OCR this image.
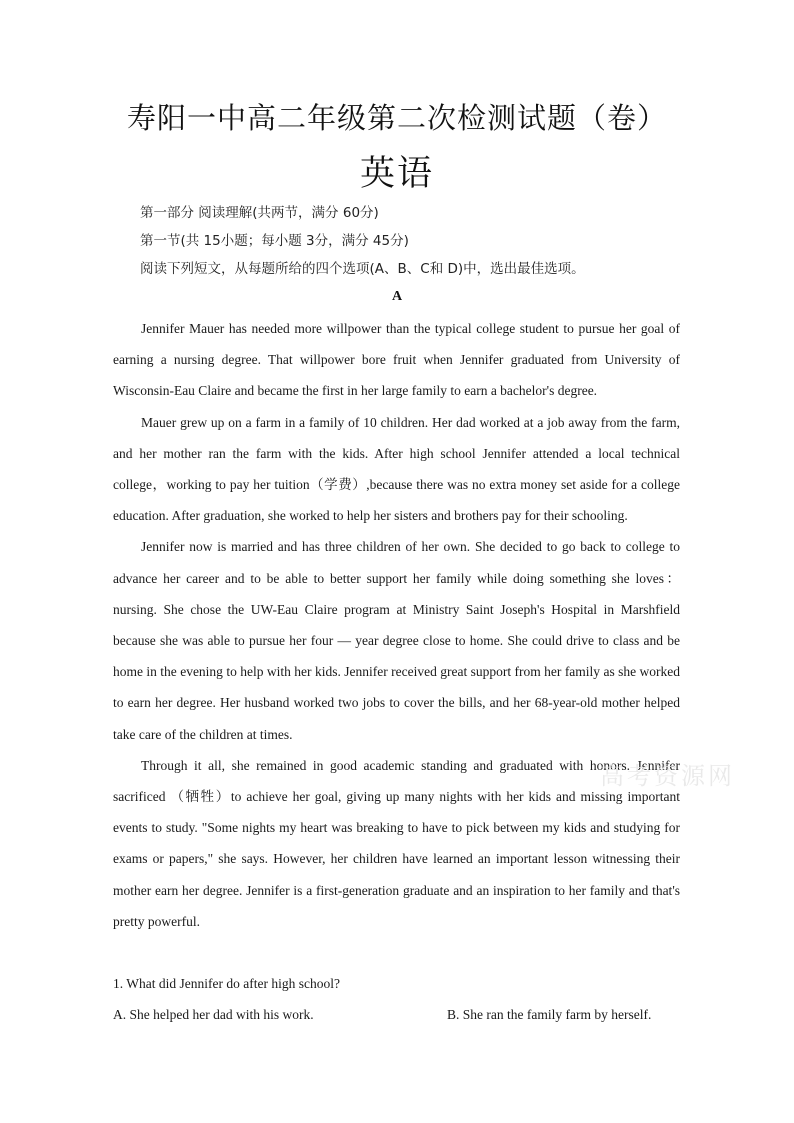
寿阳一中高二年级第二次检测试题（卷）
英语
第一部分 阅读理解(共两节，满分 60分)
第一节(共 15小题；每小题 3分，满分 45分)
阅读下列短文，从每题所给的四个选项(A、B、C和 D)中，选出最佳选项。
A

Jennifer Mauer has needed more willpower than the typical college student to pursue her goal of earning a nursing degree. That willpower bore fruit when Jennifer graduated from University of Wisconsin-Eau Claire and became the first in her large family to earn a bachelor's degree.

Mauer grew up on a farm in a family of 10 children. Her dad worked at a job away from the farm, and her mother ran the farm with the kids. After high school Jennifer attended a local technical college，working to pay her tuition（学费）,because there was no extra money set aside for a college education. After graduation, she worked to help her sisters and brothers pay for their schooling.

Jennifer now is married and has three children of her own. She decided to go back to college to advance her career and to be able to better support her family while doing something she loves：nursing. She chose the UW-Eau Claire program at Ministry Saint Joseph's Hospital in Marshfield because she was able to pursue her four — year degree close to home. She could drive to class and be home in the evening to help with her kids. Jennifer received great support from her family as she worked to earn her degree. Her husband worked two jobs to cover the bills, and her 68-year-old mother helped take care of the children at times.

Through it all, she remained in good academic standing and graduated with honors. Jennifer sacrificed （牺牲）to achieve her goal, giving up many nights with her kids and missing important events to study. "Some nights my heart was breaking to have to pick between my kids and studying for exams or papers," she says. However, her children have learned an important lesson witnessing their mother earn her degree. Jennifer is a first-generation graduate and an inspiration to her family and that's pretty powerful.

1. What did Jennifer do after high school?
A. She helped her dad with his work.	B. She ran the family farm by herself.
高考资源网
